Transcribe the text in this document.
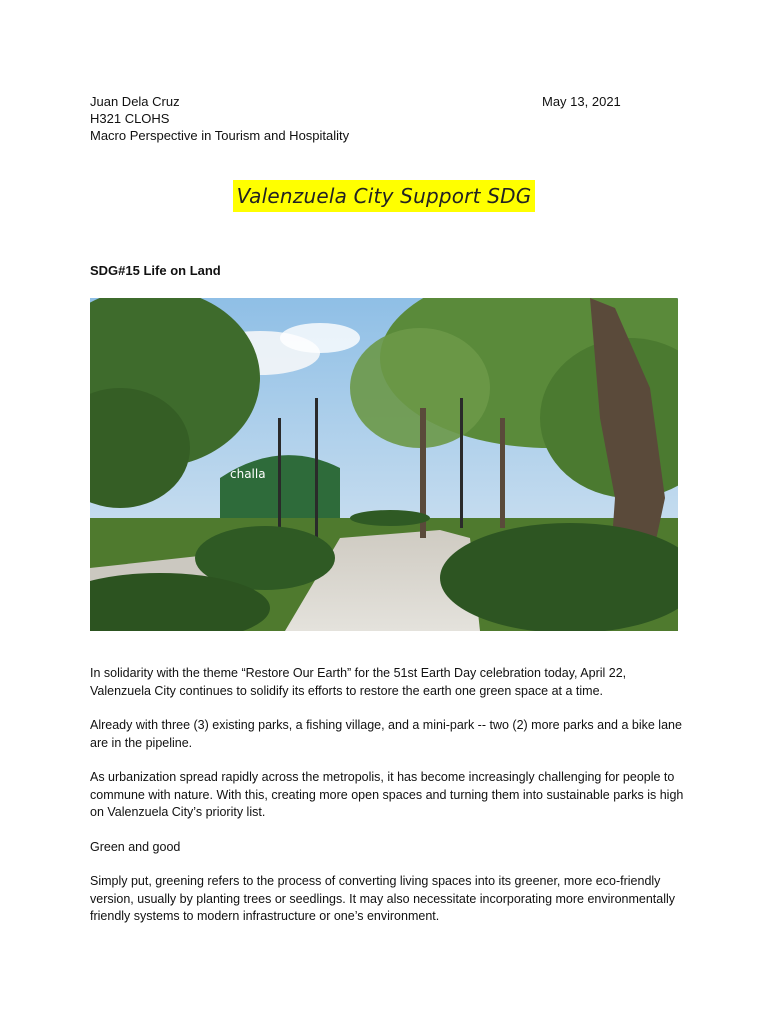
Juan Dela Cruz
H321 CLOHS
Macro Perspective in Tourism and Hospitality
May 13, 2021
Valenzuela City Support SDG
SDG#15 Life on Land
challa

In solidarity with the theme “Restore Our Earth” for the 51st Earth Day celebration today, April 22, Valenzuela City continues to solidify its efforts to restore the earth one green space at a time.

Already with three (3) existing parks, a fishing village, and a mini-park -- two (2) more parks and a bike lane are in the pipeline.

As urbanization spread rapidly across the metropolis, it has become increasingly challenging for people to commune with nature. With this, creating more open spaces and turning them into sustainable parks is high on Valenzuela City’s priority list.

Green and good

Simply put, greening refers to the process of converting living spaces into its greener, more eco-friendly version, usually by planting trees or seedlings. It may also necessitate incorporating more environmentally friendly systems to modern infrastructure or one’s environment.
